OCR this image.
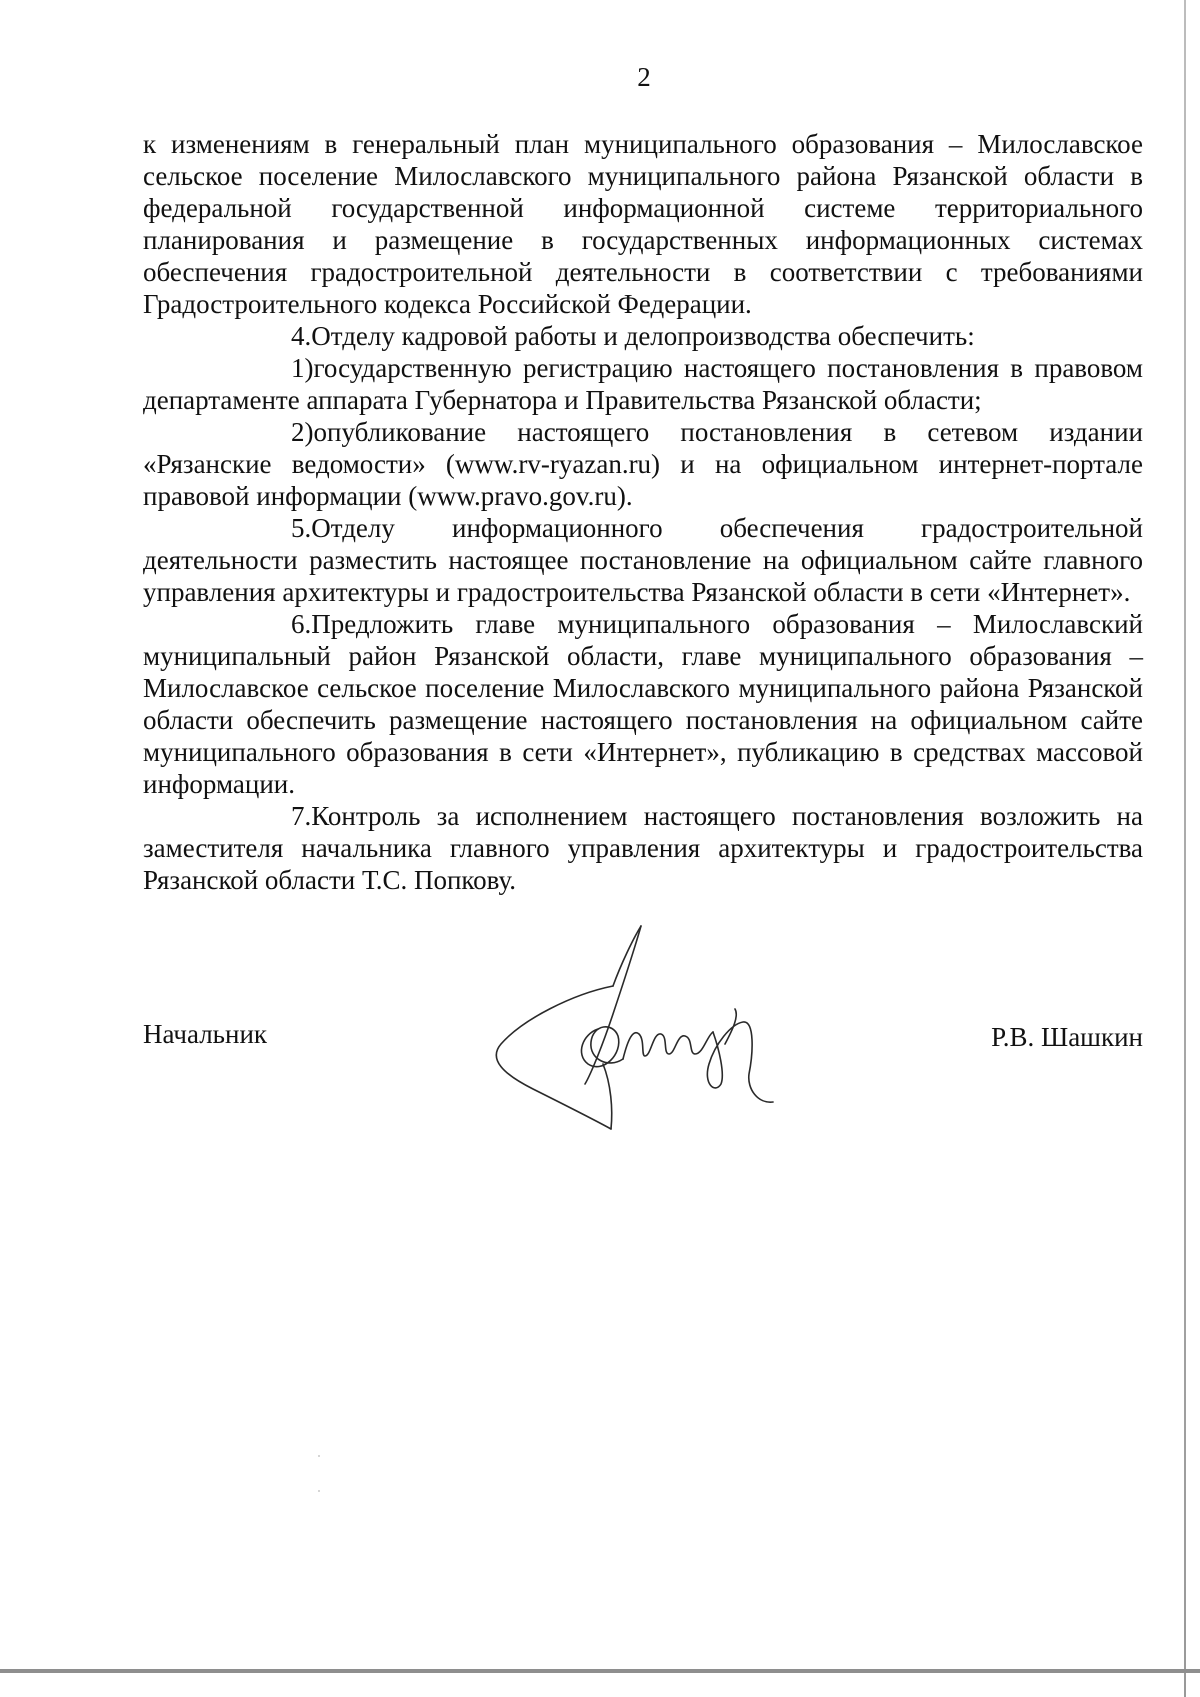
2

к изменениям в генеральный план муниципального образования – Милославское сельское поселение Милославского муниципального района Рязанской области в федеральной государственной информационной системе территориального планирования и размещение в государственных информационных системах обеспечения градостроительной деятельности в соответствии с требованиями Градостроительного кодекса Российской Федерации.

4.Отделу кадровой работы и делопроизводства обеспечить:

1)государственную регистрацию настоящего постановления в правовом департаменте аппарата Губернатора и Правительства Рязанской области;

2)опубликование настоящего постановления в сетевом издании «Рязанские ведомости» (www.rv-ryazan.ru) и на официальном интернет-портале правовой информации (www.pravo.gov.ru).

5.Отделу информационного обеспечения градостроительной деятельности разместить настоящее постановление на официальном сайте главного управления архитектуры и градостроительства Рязанской области в сети «Интернет».

6.Предложить главе муниципального образования – Милославский муниципальный район Рязанской области, главе муниципального образования – Милославское сельское поселение Милославского муниципального района Рязанской области обеспечить размещение настоящего постановления на официальном сайте муниципального образования в сети «Интернет», публикацию в средствах массовой информации.

7.Контроль за исполнением настоящего постановления возложить на заместителя начальника главного управления архитектуры и градостроительства Рязанской области Т.С. Попкову.

Начальник	Р.В. Шашкин
